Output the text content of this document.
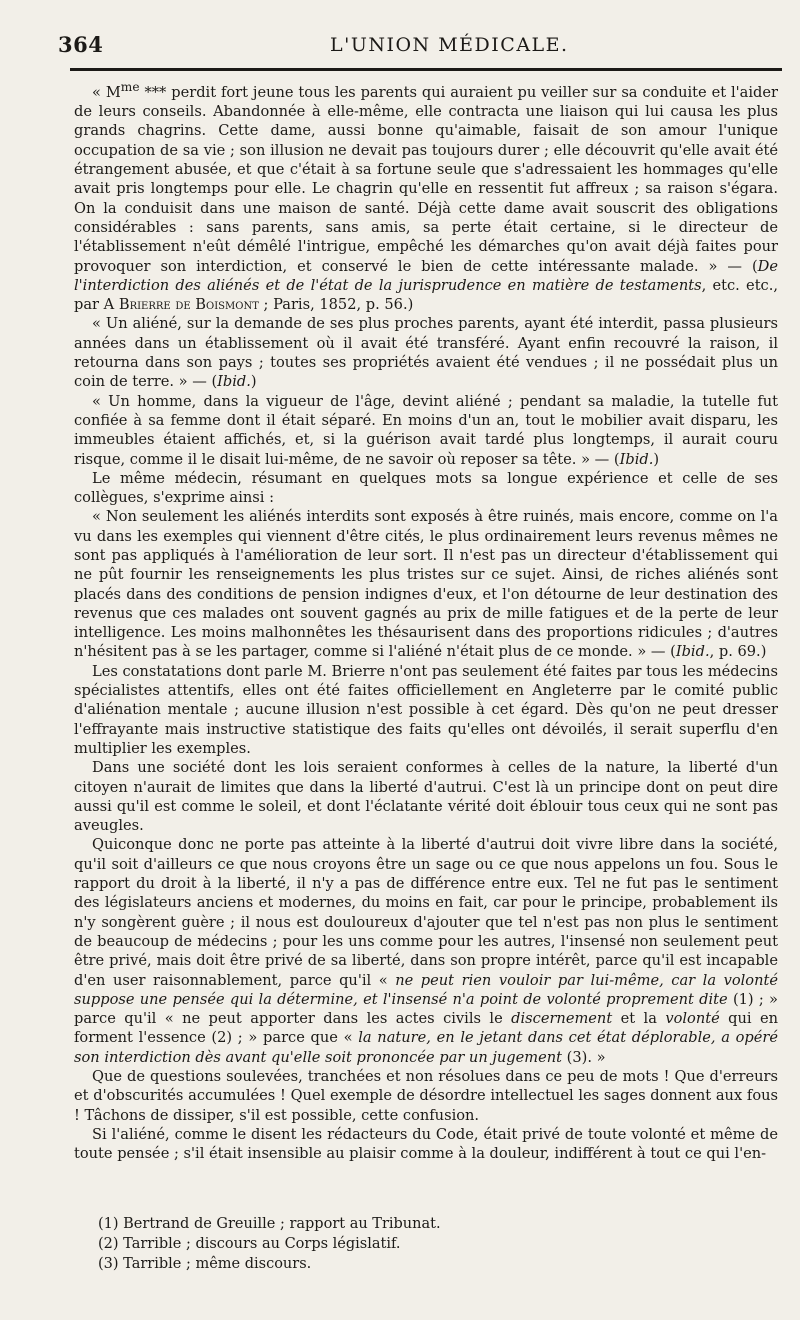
364	L'UNION MÉDICALE.

« $M^{me}$ *** perdit fort jeune tous les parents qui auraient pu veiller sur sa conduite et l'aider de leurs conseils. Abandonnée à elle-même, elle contracta une liaison qui lui causa les plus grands chagrins. Cette dame, aussi bonne qu'aimable, faisait de son amour l'unique occupation de sa vie ; son illusion ne devait pas toujours durer ; elle découvrit qu'elle avait été étrangement abusée, et que c'était à sa fortune seule que s'adressaient les hommages qu'elle avait pris longtemps pour elle. Le chagrin qu'elle en ressentit fut affreux ; sa raison s'égara. On la conduisit dans une maison de santé. Déjà cette dame avait souscrit des obligations considérables : sans parents, sans amis, sa perte était certaine, si le directeur de l'établissement n'eût démêlé l'intrigue, empêché les démarches qu'on avait déjà faites pour provoquer son interdiction, et conservé le bien de cette intéressante malade. » — (De l'interdiction des aliénés et de l'état de la jurisprudence en matière de testaments, etc. etc., par A Brierre de Boismont ; Paris, 1852, p. 56.)

« Un aliéné, sur la demande de ses plus proches parents, ayant été interdit, passa plusieurs années dans un établissement où il avait été transféré. Ayant enfin recouvré la raison, il retourna dans son pays ; toutes ses propriétés avaient été vendues ; il ne possédait plus un coin de terre. » — (Ibid.)

« Un homme, dans la vigueur de l'âge, devint aliéné ; pendant sa maladie, la tutelle fut confiée à sa femme dont il était séparé. En moins d'un an, tout le mobilier avait disparu, les immeubles étaient affichés, et, si la guérison avait tardé plus longtemps, il aurait couru risque, comme il le disait lui-même, de ne savoir où reposer sa tête. » — (Ibid.)

Le même médecin, résumant en quelques mots sa longue expérience et celle de ses collègues, s'exprime ainsi :

« Non seulement les aliénés interdits sont exposés à être ruinés, mais encore, comme on l'a vu dans les exemples qui viennent d'être cités, le plus ordinairement leurs revenus mêmes ne sont pas appliqués à l'amélioration de leur sort. Il n'est pas un directeur d'établissement qui ne pût fournir les renseignements les plus tristes sur ce sujet. Ainsi, de riches aliénés sont placés dans des conditions de pension indignes d'eux, et l'on détourne de leur destination des revenus que ces malades ont souvent gagnés au prix de mille fatigues et de la perte de leur intelligence. Les moins malhonnêtes les thésaurisent dans des proportions ridicules ; d'autres n'hésitent pas à se les partager, comme si l'aliéné n'était plus de ce monde. » — (Ibid., p. 69.)

Les constatations dont parle M. Brierre n'ont pas seulement été faites par tous les médecins spécialistes attentifs, elles ont été faites officiellement en Angleterre par le comité public d'aliénation mentale ; aucune illusion n'est possible à cet égard. Dès qu'on ne peut dresser l'effrayante mais instructive statistique des faits qu'elles ont dévoilés, il serait superflu d'en multiplier les exemples.

Dans une société dont les lois seraient conformes à celles de la nature, la liberté d'un citoyen n'aurait de limites que dans la liberté d'autrui. C'est là un principe dont on peut dire aussi qu'il est comme le soleil, et dont l'éclatante vérité doit éblouir tous ceux qui ne sont pas aveugles.

Quiconque donc ne porte pas atteinte à la liberté d'autrui doit vivre libre dans la société, qu'il soit d'ailleurs ce que nous croyons être un sage ou ce que nous appelons un fou. Sous le rapport du droit à la liberté, il n'y a pas de différence entre eux. Tel ne fut pas le sentiment des législateurs anciens et modernes, du moins en fait, car pour le principe, probablement ils n'y songèrent guère ; il nous est douloureux d'ajouter que tel n'est pas non plus le sentiment de beaucoup de médecins ; pour les uns comme pour les autres, l'insensé non seulement peut être privé, mais doit être privé de sa liberté, dans son propre intérêt, parce qu'il est incapable d'en user raisonnablement, parce qu'il « ne peut rien vouloir par lui-même, car la volonté suppose une pensée qui la détermine, et l'insensé n'a point de volonté proprement dite (1) ; » parce qu'il « ne peut apporter dans les actes civils le discernement et la volonté qui en forment l'essence (2) ; » parce que « la nature, en le jetant dans cet état déplorable, a opéré son interdiction dès avant qu'elle soit prononcée par un jugement (3). »

Que de questions soulevées, tranchées et non résolues dans ce peu de mots ! Que d'erreurs et d'obscurités accumulées ! Quel exemple de désordre intellectuel les sages donnent aux fous ! Tâchons de dissiper, s'il est possible, cette confusion.

Si l'aliéné, comme le disent les rédacteurs du Code, était privé de toute volonté et même de toute pensée ; s'il était insensible au plaisir comme à la douleur, indifférent à tout ce qui l'en-

(1) Bertrand de Greuille ; rapport au Tribunat.

(2) Tarrible ; discours au Corps législatif.

(3) Tarrible ; même discours.
